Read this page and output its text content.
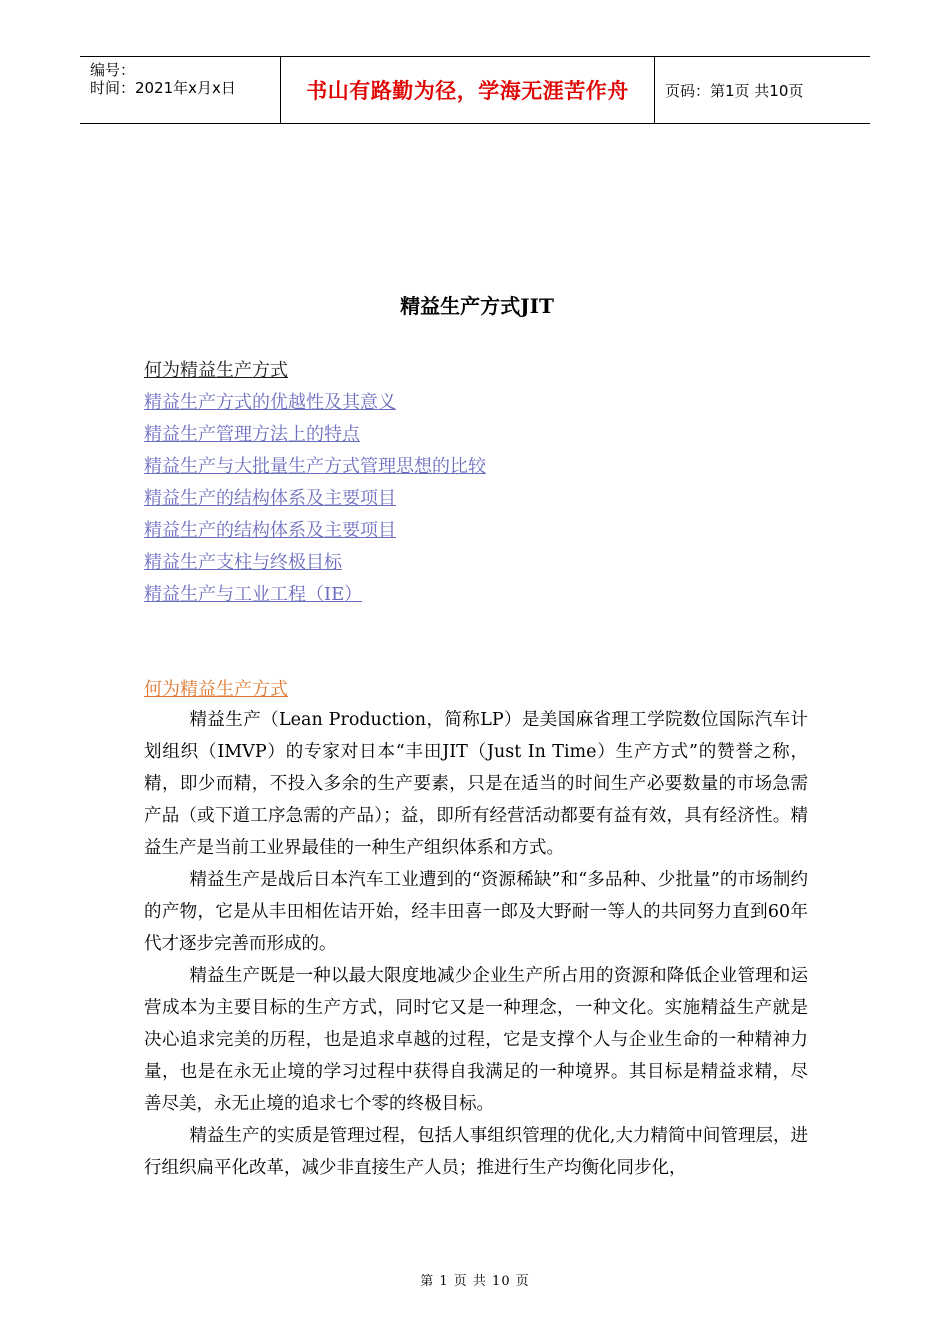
编号：
时间：2021年x月x日	书山有路勤为径，学海无涯苦作舟 页码：第1页 共10页
精益生产方式JIT
何为精益生产方式
精益生产方式的优越性及其意义
精益生产管理方法上的特点
精益生产与大批量生产方式管理思想的比较
精益生产的结构体系及主要项目
精益生产的结构体系及主要项目
精益生产支柱与终极目标
精益生产与工业工程（IE）
何为精益生产方式

精益生产（Lean Production，简称LP）是美国麻省理工学院数位国际汽车计划组织（IMVP）的专家对日本“丰田JIT（Just In Time）生产方式”的赞誉之称，精，即少而精，不投入多余的生产要素，只是在适当的时间生产必要数量的市场急需产品（或下道工序急需的产品）；益，即所有经营活动都要有益有效，具有经济性。精益生产是当前工业界最佳的一种生产组织体系和方式。

精益生产是战后日本汽车工业遭到的“资源稀缺”和“多品种、少批量”的市场制约的产物，它是从丰田相佐诘开始，经丰田喜一郎及大野耐一等人的共同努力直到60年代才逐步完善而形成的。

精益生产既是一种以最大限度地减少企业生产所占用的资源和降低企业管理和运营成本为主要目标的生产方式，同时它又是一种理念，一种文化。实施精益生产就是决心追求完美的历程，也是追求卓越的过程，它是支撑个人与企业生命的一种精神力量，也是在永无止境的学习过程中获得自我满足的一种境界。其目标是精益求精，尽善尽美，永无止境的追求七个零的终极目标。

精益生产的实质是管理过程，包括人事组织管理的优化,大力精简中间管理层，进行组织扁平化改革，减少非直接生产人员；推进行生产均衡化同步化，

第 1 页 共 10 页
